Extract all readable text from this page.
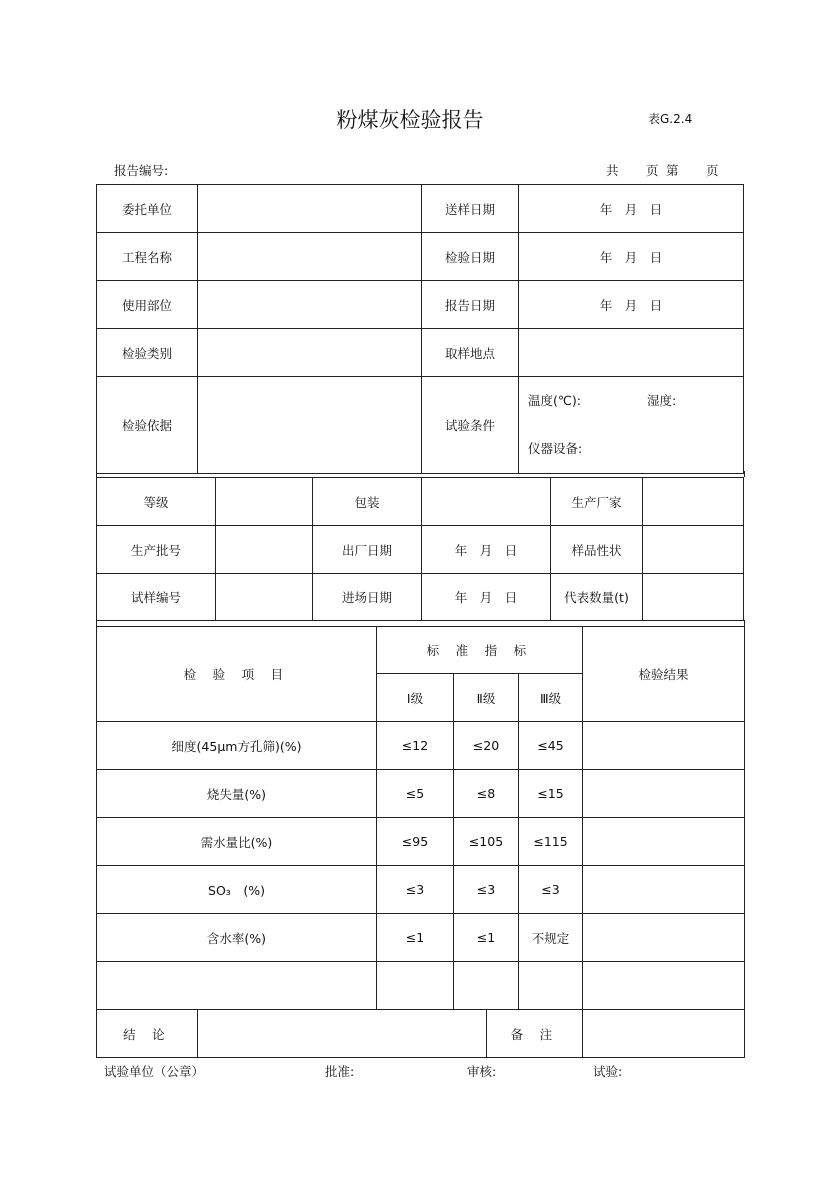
粉煤灰检验报告	表G.2.4
报告编号:	共 页 第 页
委托单位		送样日期	年　月　日
工程名称		检验日期	年　月　日
使用部位		报告日期	年　月　日
检验类别		取样地点	
检验依据		试验条件	温度(℃): 湿度:
仪器设备:
等级		包装		生产厂家	
生产批号		出厂日期	年　月　日	样品性状	
试样编号		进场日期	年　月　日	代表数量(t)	
检 验 项 目	标 准 指 标			检验结果
	Ⅰ级	Ⅱ级	Ⅲ级	
细度(45μm方孔筛)(%)	≤12	≤20	≤45	
烧失量(%)	≤5	≤8	≤15	
需水量比(%)	≤95	≤105	≤115	
SO₃　(%)	≤3	≤3	≤3	
含水率(%)	≤1	≤1	不规定	

结 论		备 注	
试验单位（公章）	批准:	审核:	试验:
